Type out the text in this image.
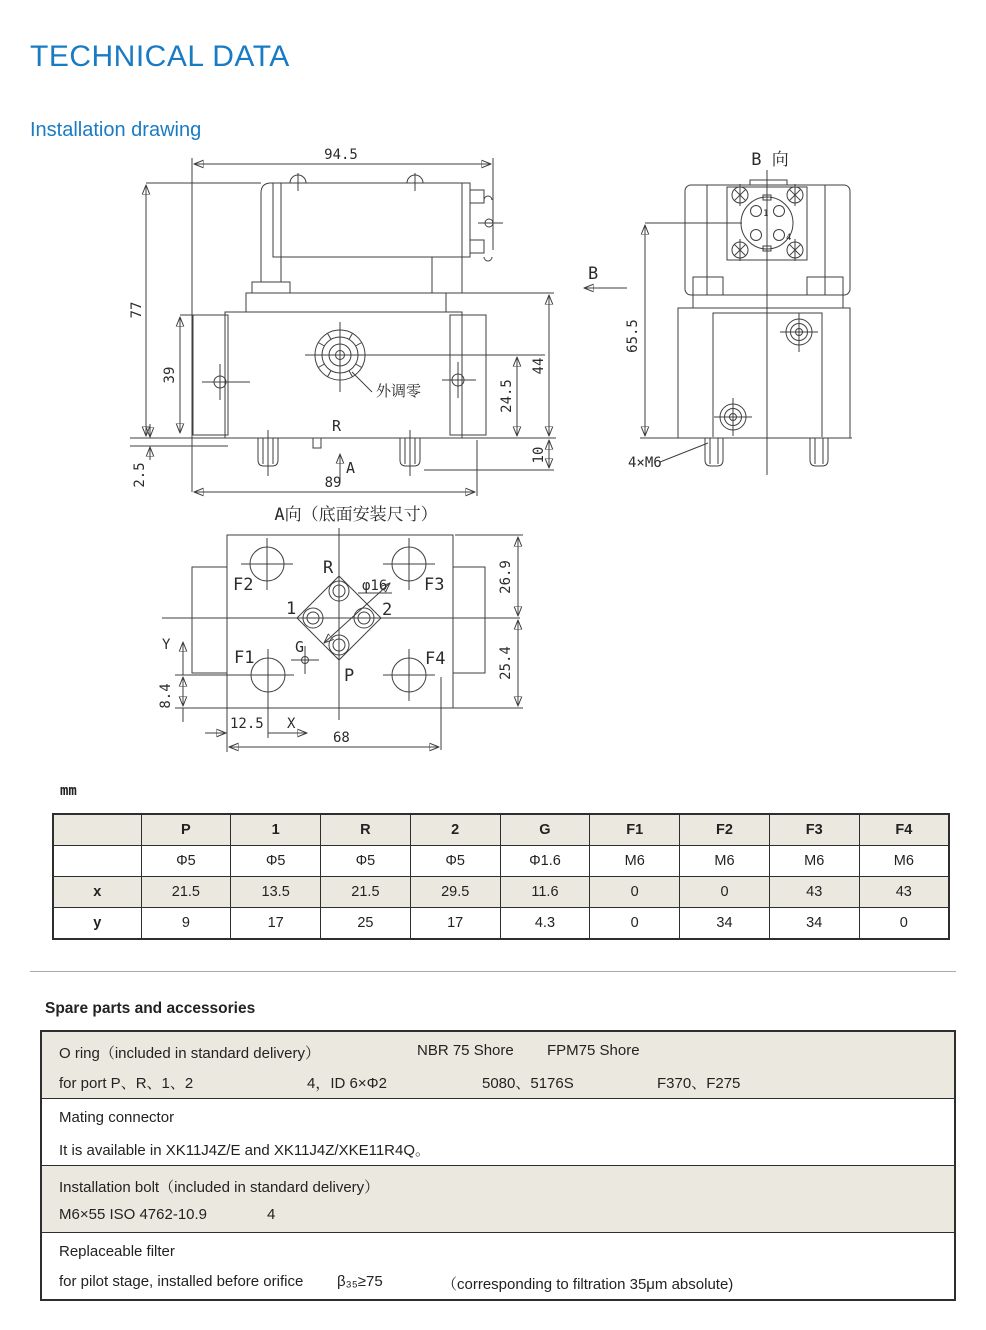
TECHNICAL DATA
Installation drawing
94.5
77
39
2.5	89
44
24.5
10
外调零
R
A
B
A向（底面安装尺寸）
B 向
65.5
4×M6
1
4
F2	F3
F1	F4
R
1	2
G
P
φ16	26.9
25.4
Y
8.4
12.5 X
68
mm
	P	1	R	2	G	F1	F2	F3	F4
	Φ5	Φ5	Φ5	Φ5	Φ1.6	M6	M6	M6	M6
x	21.5	13.5	21.5	29.5	11.6	0	0	43	43
y	9	17	25	17	4.3	0	34	34	0
Spare parts and accessories
O ring（included in standard delivery）	NBR 75 Shore FPM75 Shore
for port P、R、1、2	4，ID 6×Φ2	5080、5176S	F370、F275
Mating connector
It is available in XK11J4Z/E and XK11J4Z/XKE11R4Q。
Installation bolt（included in standard delivery）
M6×55 ISO 4762-10.9	4
Replaceable filter
for pilot stage, installed before orifice β₃₅≥75	（corresponding to filtration 35μm absolute)
